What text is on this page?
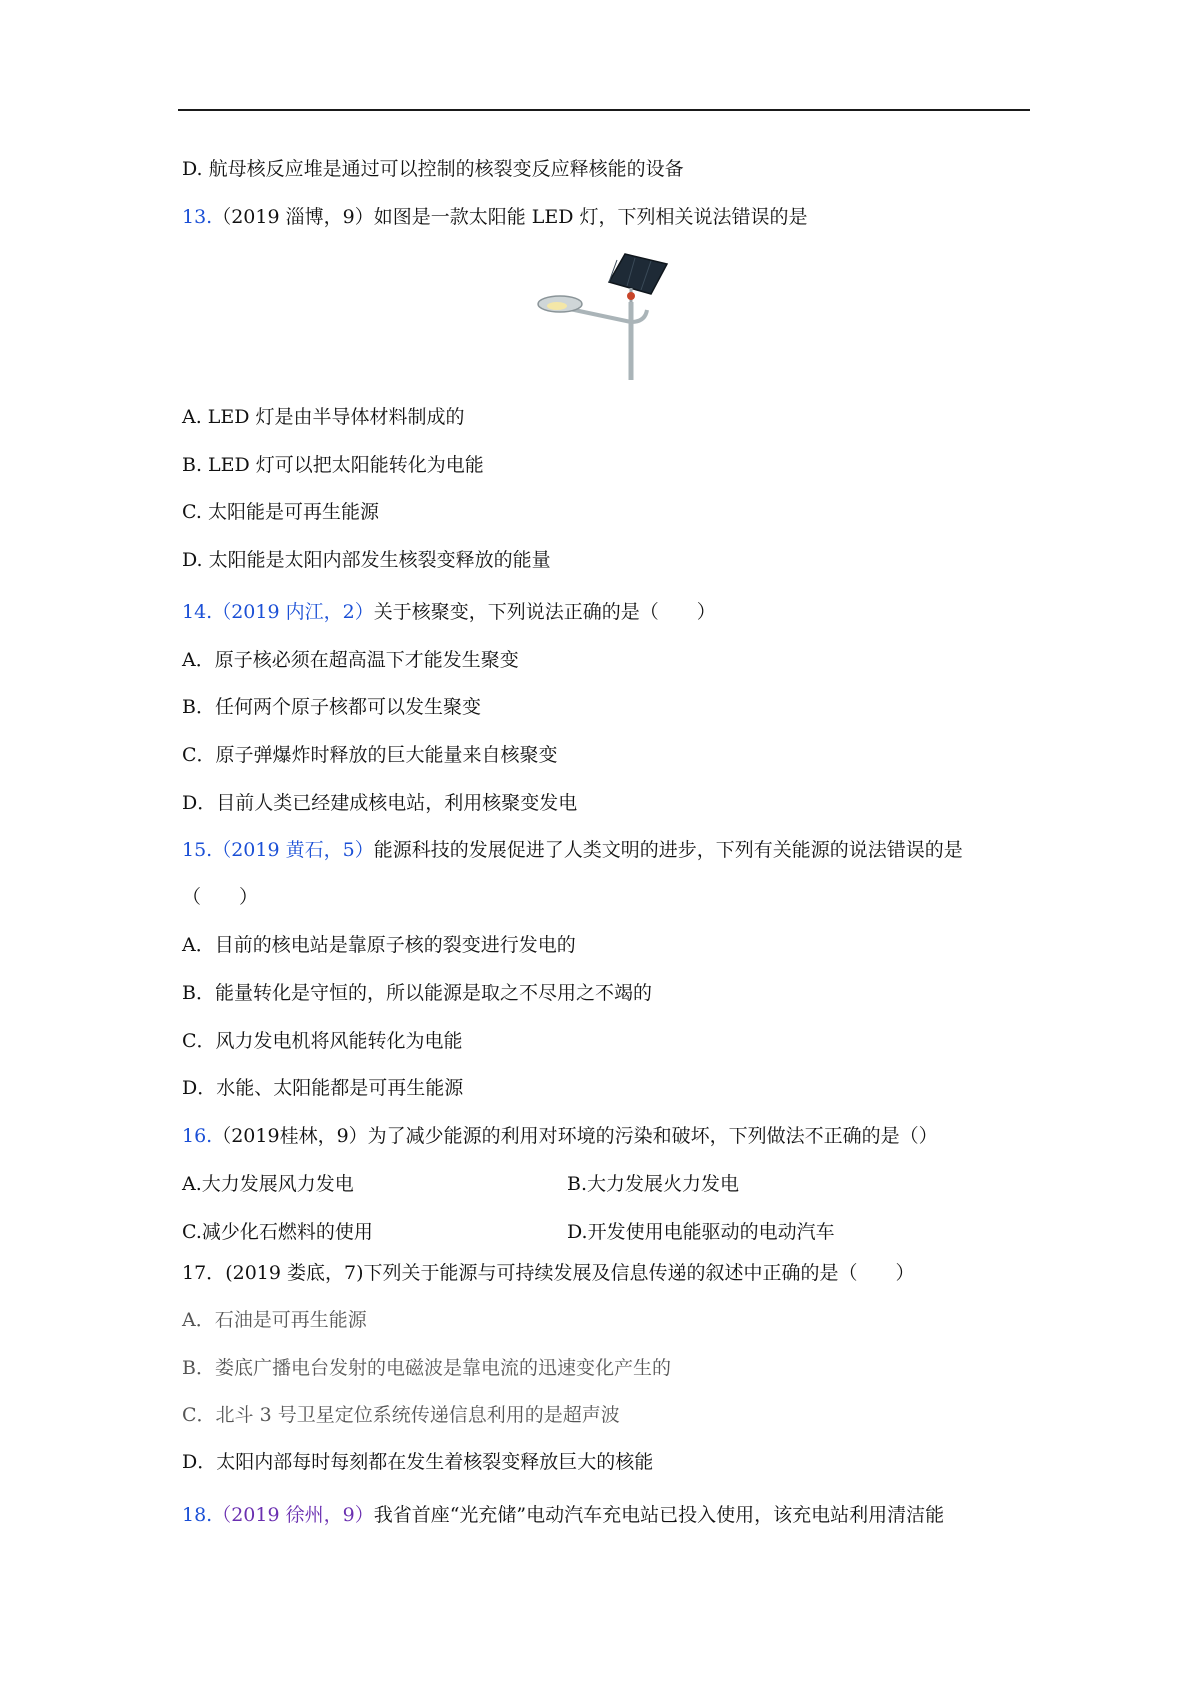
D. 航母核反应堆是通过可以控制的核裂变反应释核能的设备
13.（2019 淄博，9）如图是一款太阳能 LED 灯，下列相关说法错误的是
A. LED 灯是由半导体材料制成的
B. LED 灯可以把太阳能转化为电能
C. 太阳能是可再生能源
D. 太阳能是太阳内部发生核裂变释放的能量
14.（2019 内江，2）关于核聚变，下列说法正确的是（　　）
A．原子核必须在超高温下才能发生聚变
B．任何两个原子核都可以发生聚变
C．原子弹爆炸时释放的巨大能量来自核聚变
D．目前人类已经建成核电站，利用核聚变发电
15.（2019 黄石，5）能源科技的发展促进了人类文明的进步，下列有关能源的说法错误的是
（　　）
A．目前的核电站是靠原子核的裂变进行发电的
B．能量转化是守恒的，所以能源是取之不尽用之不竭的
C．风力发电机将风能转化为电能
D．水能、太阳能都是可再生能源
16.（2019桂林，9）为了减少能源的利用对环境的污染和破坏，下列做法不正确的是（）
A.大力发展风力发电	B.大力发展火力发电
C.减少化石燃料的使用	D.开发使用电能驱动的电动汽车
17．(2019 娄底，7)下列关于能源与可持续发展及信息传递的叙述中正确的是（　　）
A．石油是可再生能源
B．娄底广播电台发射的电磁波是靠电流的迅速变化产生的
C．北斗 3 号卫星定位系统传递信息利用的是超声波
D．太阳内部每时每刻都在发生着核裂变释放巨大的核能
18.（2019 徐州，9）我省首座“光充储”电动汽车充电站已投入使用，该充电站利用清洁能
